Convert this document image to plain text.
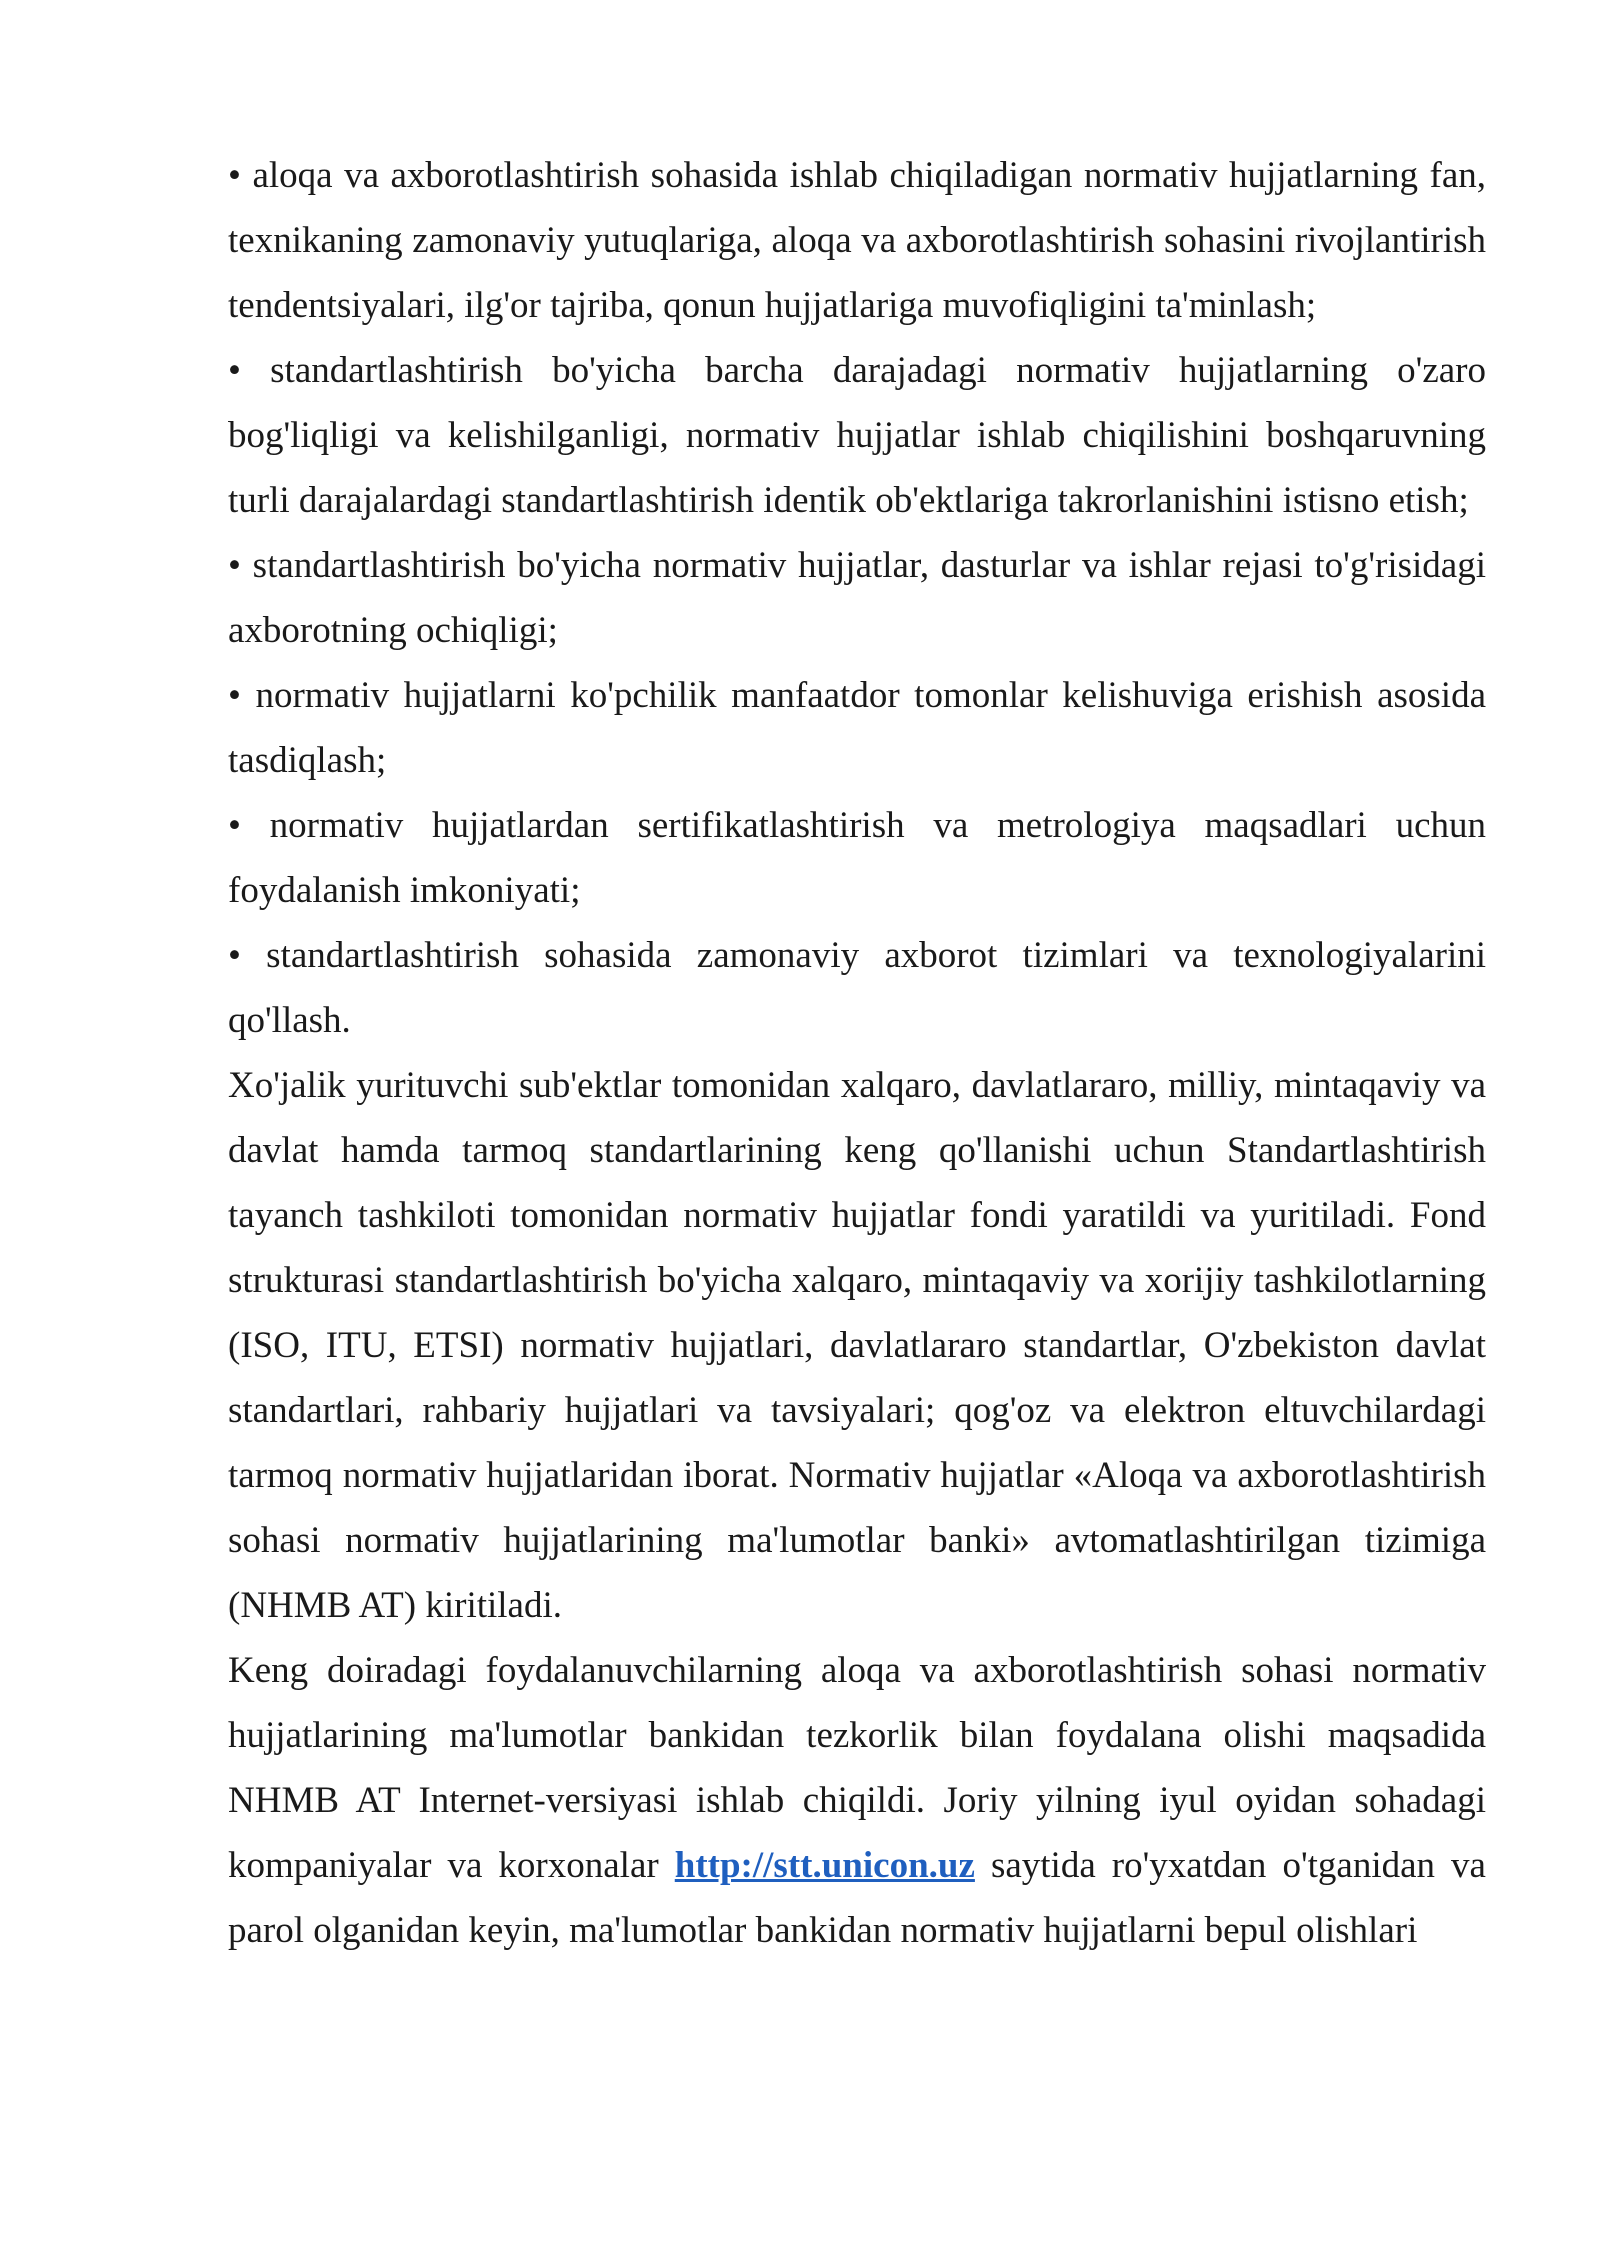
• aloqa va axborotlashtirish sohasida ishlab chiqiladigan normativ hujjatlarning fan, texnikaning zamonaviy yutuqlariga, aloqa va axborotlashtirish sohasini rivojlantirish tendentsiyalari, ilg'or tajriba, qonun hujjatlariga muvofiqligini ta'minlash;
• standartlashtirish bo'yicha barcha darajadagi normativ hujjatlarning o'zaro bog'liqligi va kelishilganligi, normativ hujjatlar ishlab chiqilishini boshqaruvning turli darajalardagi standartlashtirish identik ob'ektlariga takrorlanishini istisno etish;
• standartlashtirish bo'yicha normativ hujjatlar, dasturlar va ishlar rejasi to'g'risidagi axborotning ochiqligi;
• normativ hujjatlarni ko'pchilik manfaatdor tomonlar kelishuviga erishish asosida tasdiqlash;
• normativ hujjatlardan sertifikatlashtirish va metrologiya maqsadlari uchun foydalanish imkoniyati;
• standartlashtirish sohasida zamonaviy axborot tizimlari va texnologiyalarini qo'llash.

Xo'jalik yurituvchi sub'ektlar tomonidan xalqaro, davlatlararo, milliy, mintaqaviy va davlat hamda tarmoq standartlarining keng qo'llanishi uchun Standartlashtirish tayanch tashkiloti tomonidan normativ hujjatlar fondi yaratildi va yuritiladi. Fond strukturasi standartlashtirish bo'yicha xalqaro, mintaqaviy va xorijiy tashkilotlarning (ISO, ITU, ETSI) normativ hujjatlari, davlatlararo standartlar, O'zbekiston davlat standartlari, rahbariy hujjatlari va tavsiyalari; qog'oz va elektron eltuvchilardagi tarmoq normativ hujjatlaridan iborat. Normativ hujjatlar «Aloqa va axborotlashtirish sohasi normativ hujjatlarining ma'lumotlar banki» avtomatlashtirilgan tizimiga (NHMB AT) kiritiladi.

Keng doiradagi foydalanuvchilarning aloqa va axborotlashtirish sohasi normativ hujjatlarining ma'lumotlar bankidan tezkorlik bilan foydalana olishi maqsadida NHMB AT Internet-versiyasi ishlab chiqildi. Joriy yilning iyul oyidan sohadagi kompaniyalar va korxonalar http://stt.unicon.uz saytida ro'yxatdan o'tganidan va parol olganidan keyin, ma'lumotlar bankidan normativ hujjatlarni bepul olishlari
